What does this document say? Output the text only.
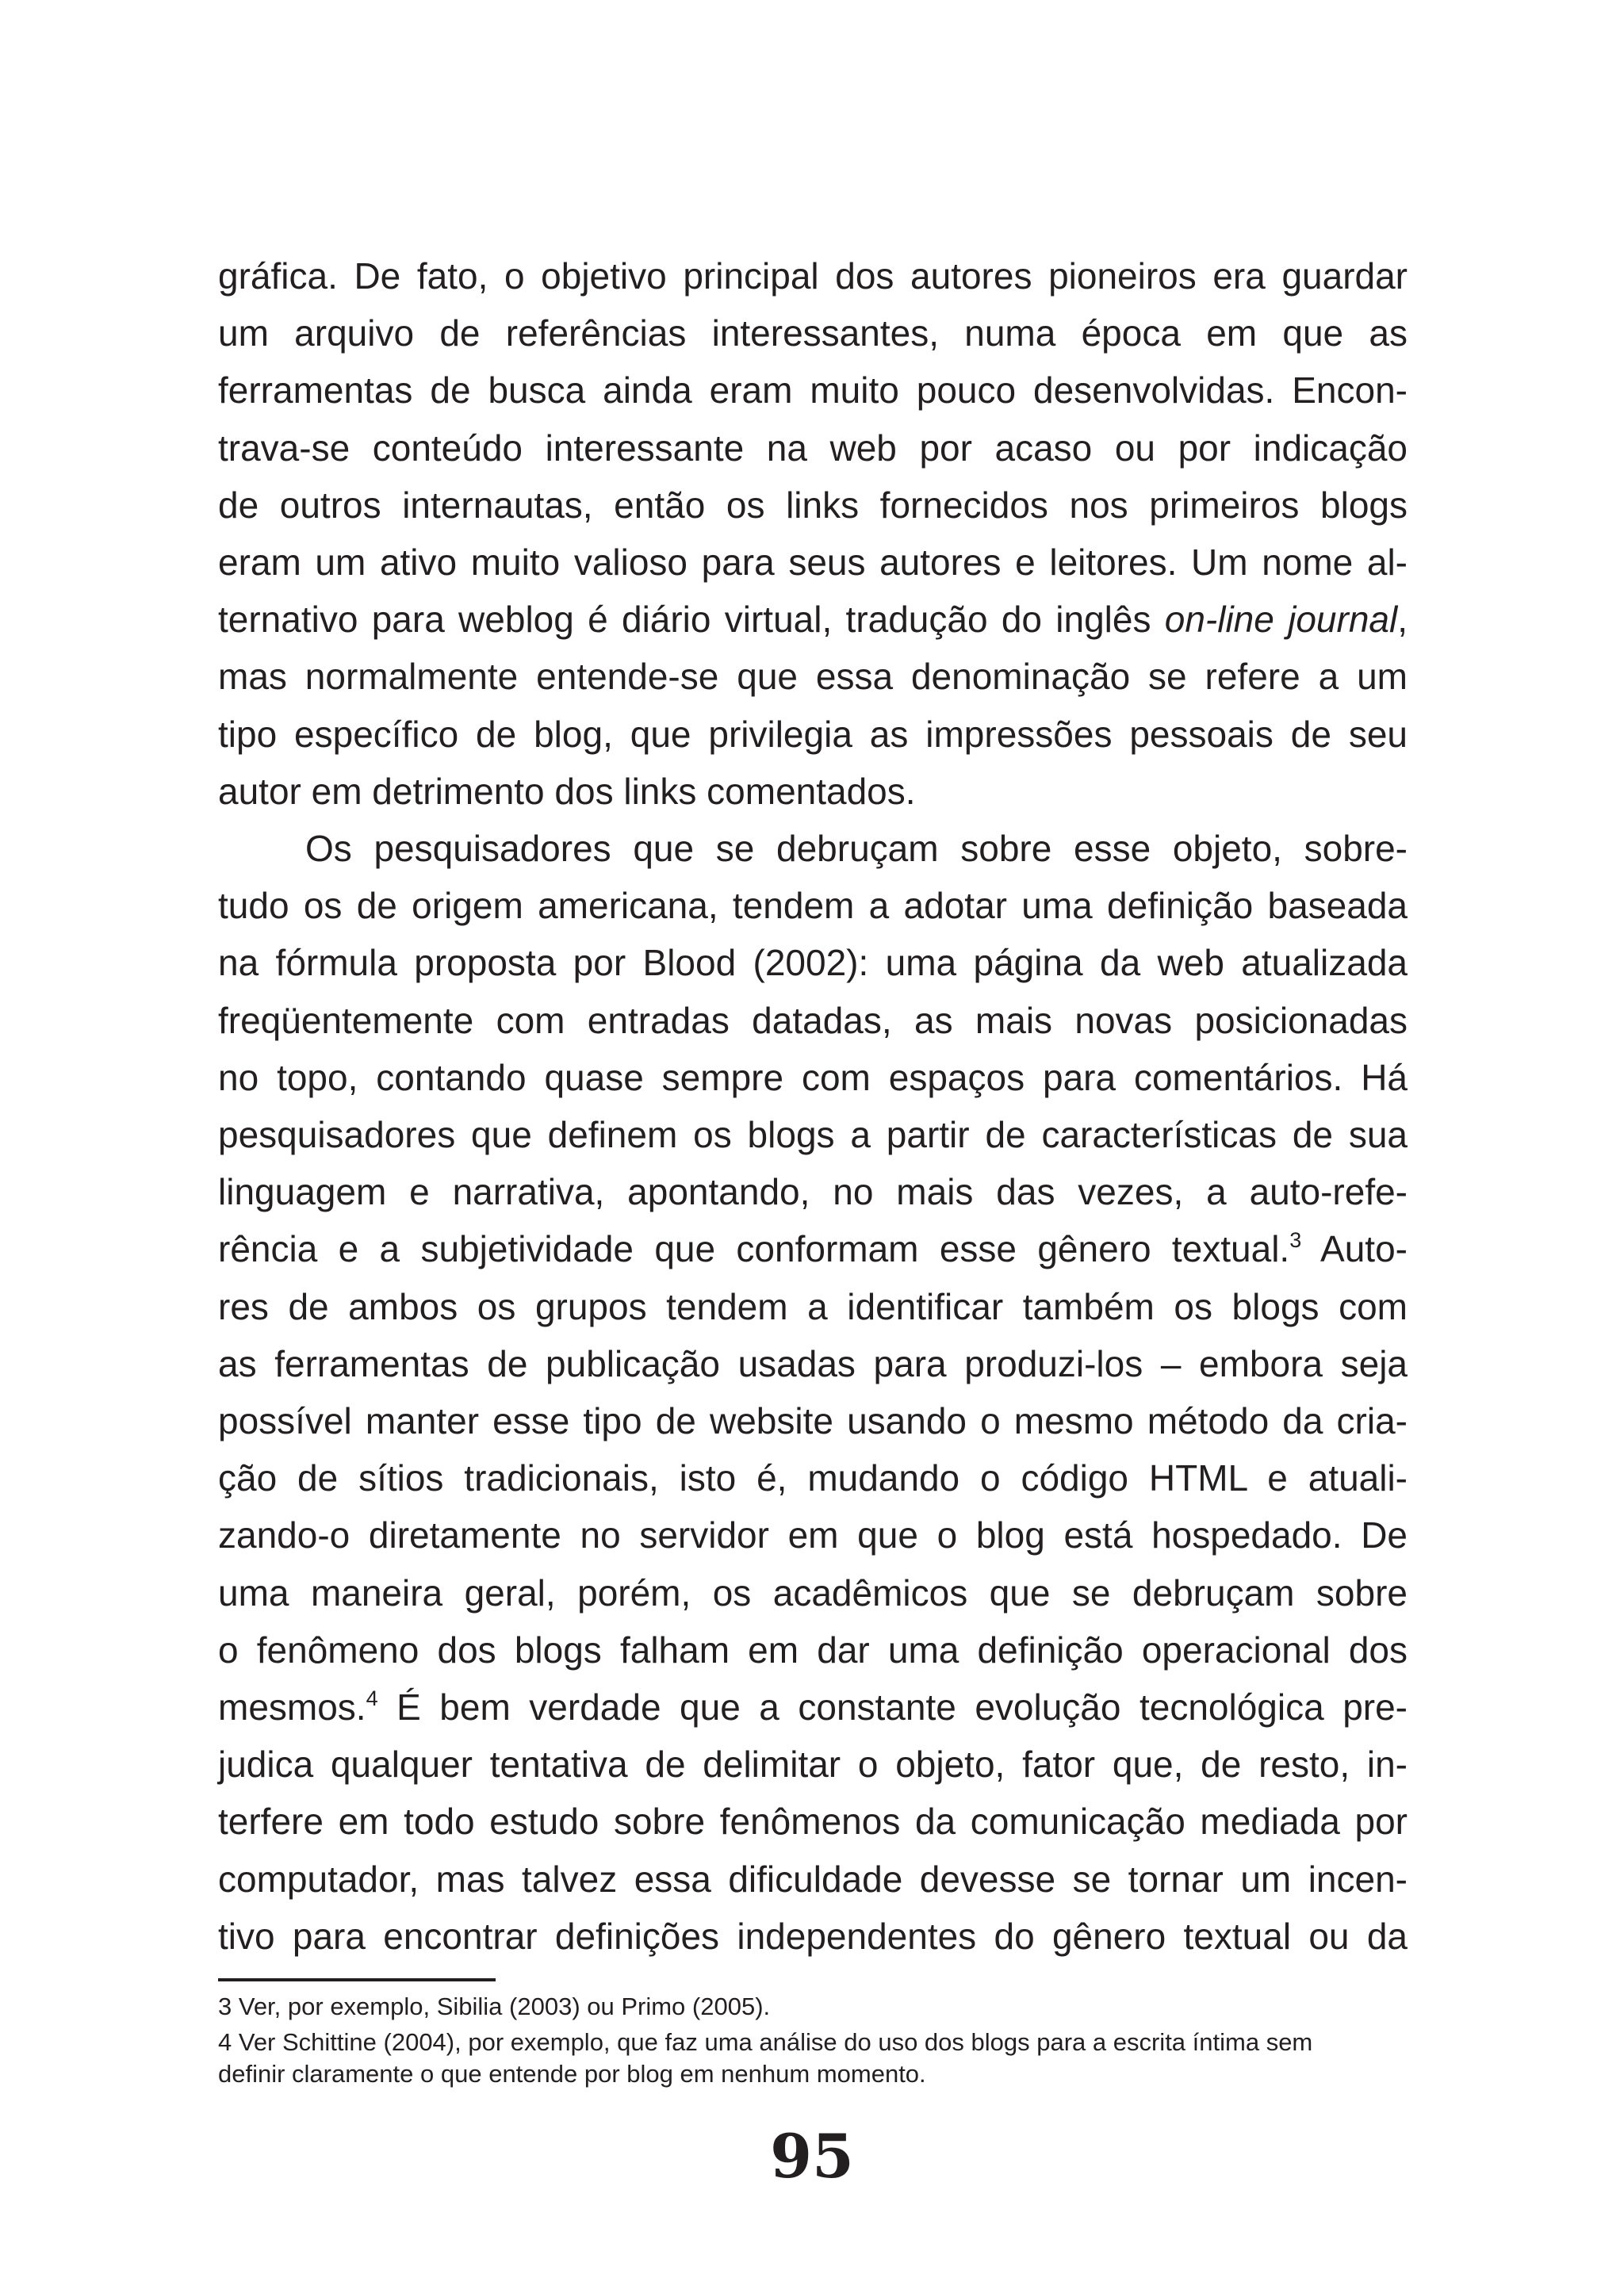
gráfica. De fato, o objetivo principal dos autores pioneiros era guardar
um arquivo de referências interessantes, numa época em que as
ferramentas de busca ainda eram muito pouco desenvolvidas. Encon-
trava-se conteúdo interessante na web por acaso ou por indicação
de outros internautas, então os links fornecidos nos primeiros blogs
eram um ativo muito valioso para seus autores e leitores. Um nome al-
ternativo para weblog é diário virtual, tradução do inglês on-line journal,
mas normalmente entende-se que essa denominação se refere a um
tipo específico de blog, que privilegia as impressões pessoais de seu
autor em detrimento dos links comentados.
Os pesquisadores que se debruçam sobre esse objeto, sobre-
tudo os de origem americana, tendem a adotar uma definição baseada
na fórmula proposta por Blood (2002): uma página da web atualizada
freqüentemente com entradas datadas, as mais novas posicionadas
no topo, contando quase sempre com espaços para comentários. Há
pesquisadores que definem os blogs a partir de características de sua
linguagem e narrativa, apontando, no mais das vezes, a auto-refe-
rência e a subjetividade que conformam esse gênero textual.$^3$ Auto-
res de ambos os grupos tendem a identificar também os blogs com
as ferramentas de publicação usadas para produzi-los – embora seja
possível manter esse tipo de website usando o mesmo método da cria-
ção de sítios tradicionais, isto é, mudando o código HTML e atuali-
zando-o diretamente no servidor em que o blog está hospedado. De
uma maneira geral, porém, os acadêmicos que se debruçam sobre
o fenômeno dos blogs falham em dar uma definição operacional dos
mesmos.$^4$ É bem verdade que a constante evolução tecnológica pre-
judica qualquer tentativa de delimitar o objeto, fator que, de resto, in-
terfere em todo estudo sobre fenômenos da comunicação mediada por
computador, mas talvez essa dificuldade devesse se tornar um incen-
tivo para encontrar definições independentes do gênero textual ou da
3 Ver, por exemplo, Sibilia (2003) ou Primo (2005).
4 Ver Schittine (2004), por exemplo, que faz uma análise do uso dos blogs para a escrita íntima sem
definir claramente o que entende por blog em nenhum momento.
95
